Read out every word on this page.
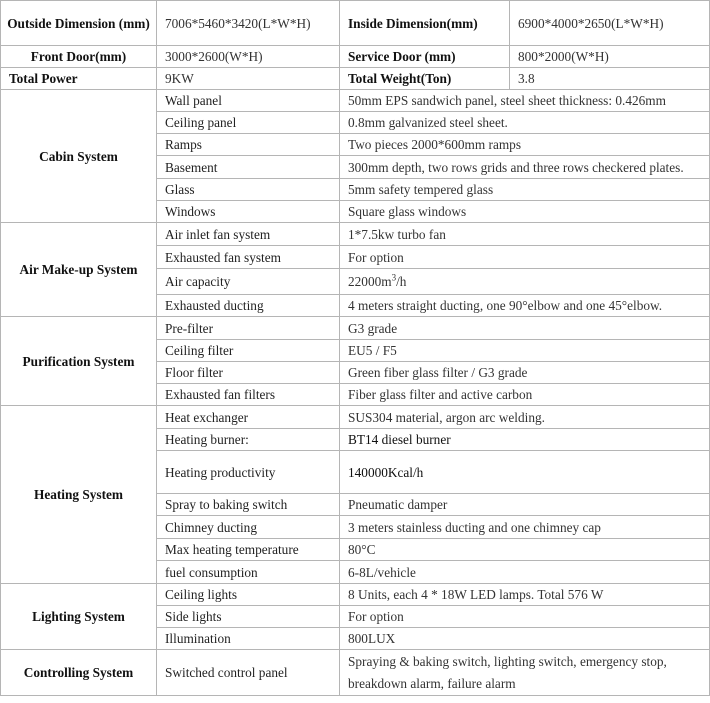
Outside Dimension (mm)	7006*5460*3420(L*W*H)	Inside Dimension(mm)	6900*4000*2650(L*W*H)
Front Door(mm)	3000*2600(W*H)	Service Door (mm)	800*2000(W*H)
Total Power	9KW	Total Weight(Ton)	3.8
Cabin System	Wall panel	50mm EPS sandwich panel, steel sheet thickness: 0.426mm	
	Ceiling panel	0.8mm galvanized steel sheet.	
	Ramps	Two pieces 2000*600mm ramps	
	Basement	300mm depth, two rows grids and three rows checkered plates.	
	Glass	5mm safety tempered glass	
	Windows	Square glass windows	
Air Make-up System	Air inlet fan system	1*7.5kw turbo fan	
	Exhausted fan system	For option	
	Air capacity	$22000m^3/h$	
	Exhausted ducting	4 meters straight ducting, one 90°elbow and one 45°elbow.	
Purification System	Pre-filter	G3 grade	
	Ceiling filter	EU5 / F5	
	Floor filter	Green fiber glass filter / G3 grade	
	Exhausted fan filters	Fiber glass filter and active carbon	
Heating System	Heat exchanger	SUS304 material, argon arc welding.	
	Heating burner:	BT14 diesel burner	
	Heating productivity	140000Kcal/h	
	Spray to baking switch	Pneumatic damper	
	Chimney ducting	3 meters stainless ducting and one chimney cap	
	Max heating temperature	80°C	
	fuel consumption	6-8L/vehicle	
Lighting System	Ceiling lights	8 Units, each 4 * 18W LED lamps. Total 576 W	
	Side lights	For option	
	Illumination	800LUX	
Controlling System	Switched control panel	Spraying & baking switch, lighting switch, emergency stop, breakdown alarm, failure alarm	
